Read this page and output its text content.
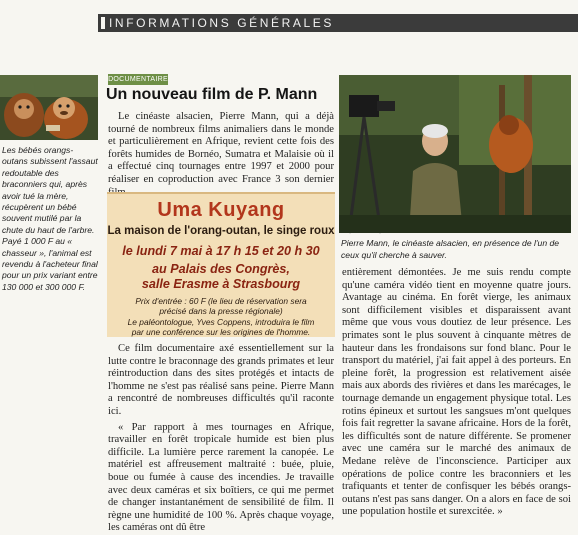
INFORMATIONS GÉNÉRALES
Les bébés orangs-outans subissent l'assaut redoutable des braconniers qui, après avoir tué la mère, récupèrent un bébé souvent mutilé par la chute du haut de l'arbre. Payé 1 000 F au « chasseur », l'animal est revendu à l'acheteur final pour un prix variant entre 130 000 et 300 000 F.
DOCUMENTAIRE
Un nouveau film de P. Mann
Le cinéaste alsacien, Pierre Mann, qui a déjà tourné de nombreux films animaliers dans le monde et particulièrement en Afrique, revient cette fois des forêts humides de Bornéo, Sumatra et Malaisie où il a effectué cinq tournages entre 1997 et 2000 pour réaliser en coproduction avec France 3 son dernier
Uma Kuyang
La maison de l'orang-outan, le singe roux
le lundi 7 mai à 17 h 15 et 20 h 30
au Palais des Congrès,
salle Erasme à Strasbourg
Prix d'entrée : 60 F (le lieu de réservation sera précisé dans la presse régionale)
Le paléontologue, Yves Coppens, introduira le film par une conférence sur les origines de l'homme.

Ce film documentaire axé essentiellement sur la lutte contre le braconnage des grands primates et leur réintroduction dans des sites protégés et intacts de l'homme ne s'est pas réalisé sans peine. Pierre Mann a rencontré de nombreuses difficultés qu'il raconte ici.

« Par rapport à mes tournages en Afrique, travailler en forêt tropicale humide est bien plus difficile. La lumière perce rarement la canopée. Le matériel est affreusement maltraité : buée, pluie, boue ou fumée à cause des incendies. Je travaille avec deux caméras et six boîtiers, ce qui me permet de changer instantanément de sensibilité de film. Il règne une humidité de 100 %. Après chaque voyage, les caméras ont dû être

Pierre Mann, le cinéaste alsacien, en présence de l'un de ceux qu'il cherche à sauver.
entièrement démontées. Je me suis rendu compte qu'une caméra vidéo tient en moyenne quatre jours. Avantage au cinéma. En forêt vierge, les animaux sont difficilement visibles et disparaissent avant même que vous vous doutiez de leur présence. Les primates sont le plus souvent à cinquante mètres de hauteur dans les frondaisons sur fond blanc. Pour le transport du matériel, j'ai fait appel à des porteurs. En pleine forêt, la progression est relativement aisée mais aux abords des rivières et dans les marécages, le tournage demande un engagement physique total. Les rotins épineux et surtout les sangsues m'ont quelques fois fait regretter la savane africaine. Hors de la forêt, les difficultés sont de nature différente. Se promener avec une caméra sur le marché des animaux de Medane relève de l'inconscience. Participer aux opérations de police contre les braconniers et les trafiquants et tenter de confisquer les bébés orangs-outans n'est pas sans danger. On a alors en face de soi une population hostile et surexcitée. »
